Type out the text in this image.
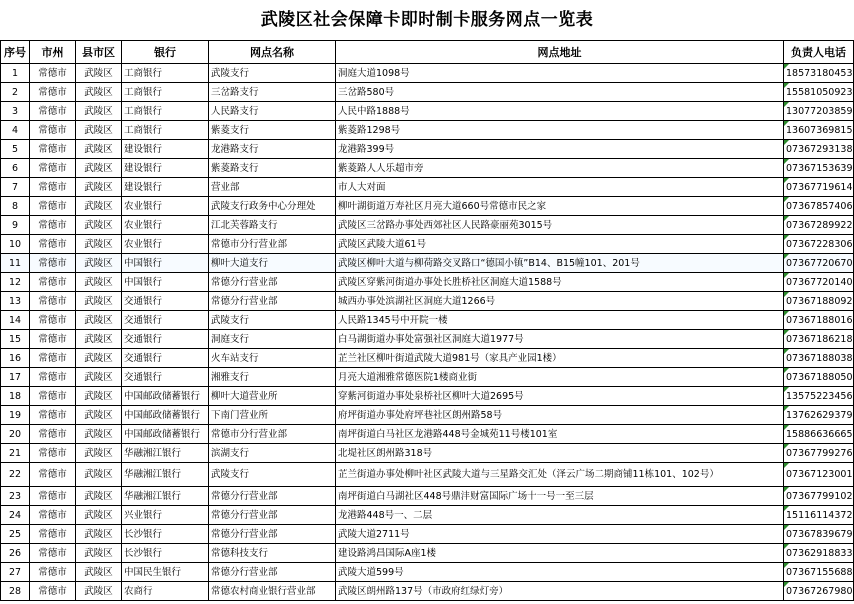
武陵区社会保障卡即时制卡服务网点一览表
序号	市州	县市区	银行	网点名称	网点地址	负责人电话
1	常德市	武陵区	工商银行	武陵支行	洞庭大道1098号	18573180453
2	常德市	武陵区	工商银行	三岔路支行	三岔路580号	15581050923
3	常德市	武陵区	工商银行	人民路支行	人民中路1888号	13077203859
4	常德市	武陵区	工商银行	紫菱支行	紫菱路1298号	13607369815
5	常德市	武陵区	建设银行	龙港路支行	龙港路399号	07367293138
6	常德市	武陵区	建设银行	紫菱路支行	紫菱路人人乐超市旁	07367153639
7	常德市	武陵区	建设银行	营业部	市人大对面	07367719614
8	常德市	武陵区	农业银行	武陵支行政务中心分理处	柳叶湖街道万寿社区月亮大道660号常德市民之家	07367857406
9	常德市	武陵区	农业银行	江北芙蓉路支行	武陵区三岔路办事处西郊社区人民路豪丽苑3015号	07367289922
10	常德市	武陵区	农业银行	常德市分行营业部	武陵区武陵大道61号	07367228306
11	常德市	武陵区	中国银行	柳叶大道支行	武陵区柳叶大道与柳荷路交叉路口“德国小镇”B14、B15幢101、201号	07367720670
12	常德市	武陵区	中国银行	常德分行营业部	武陵区穿紫河街道办事处长胜桥社区洞庭大道1588号	07367720140
13	常德市	武陵区	交通银行	常德分行营业部	城西办事处滨湖社区洞庭大道1266号	07367188092
14	常德市	武陵区	交通银行	武陵支行	人民路1345号中开院一楼	07367188016
15	常德市	武陵区	交通银行	洞庭支行	白马湖街道办事处富强社区洞庭大道1977号	07367186218
16	常德市	武陵区	交通银行	火车站支行	芷兰社区柳叶街道武陵大道981号（家具产业园1楼）	07367188038
17	常德市	武陵区	交通银行	湘雅支行	月亮大道湘雅常德医院1楼商业街	07367188050
18	常德市	武陵区	中国邮政储蓄银行	柳叶大道营业所	穿紫河街道办事处泉桥社区柳叶大道2695号	13575223456
19	常德市	武陵区	中国邮政储蓄银行	下南门营业所	府坪街道办事处府坪巷社区朗州路58号	13762629379
20	常德市	武陵区	中国邮政储蓄银行	常德市分行营业部	南坪街道白马社区龙港路448号金城苑11号楼101室	15886636665
21	常德市	武陵区	华融湘江银行	滨湖支行	北堤社区朗州路318号	07367799276
22	常德市	武陵区	华融湘江银行	武陵支行	芷兰街道办事处柳叶社区武陵大道与三星路交汇处（泽云广场二期商铺11栋101、102号）	07367123001
23	常德市	武陵区	华融湘江银行	常德分行营业部	南坪街道白马湖社区448号鼎沣财富国际广场十一号一至三层	07367799102
24	常德市	武陵区	兴业银行	常德分行营业部	龙港路448号一、二层	15116114372
25	常德市	武陵区	长沙银行	常德分行营业部	武陵大道2711号	07367839679
26	常德市	武陵区	长沙银行	常德科技支行	建设路鸿昌国际A座1楼	07362918833
27	常德市	武陵区	中国民生银行	常德分行营业部	武陵大道599号	07367155688
28	常德市	武陵区	农商行	常德农村商业银行营业部	武陵区朗州路137号（市政府红绿灯旁）	07367267980
